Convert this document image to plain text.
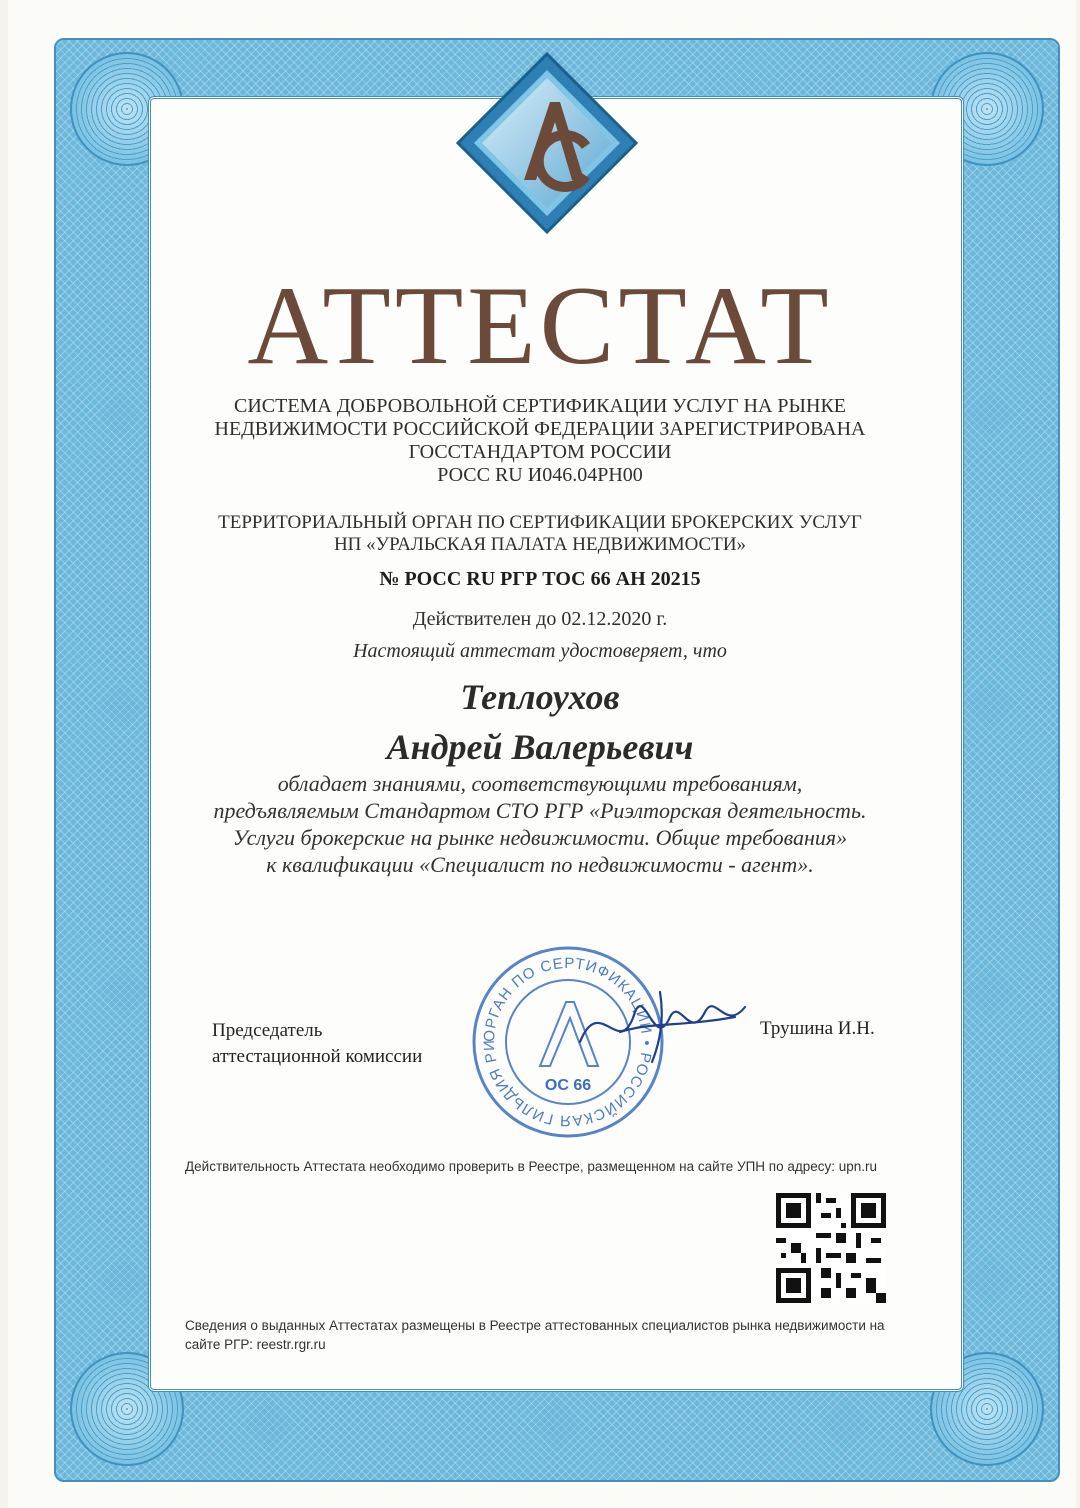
АТТЕСТАТ
СИСТЕМА ДОБРОВОЛЬНОЙ СЕРТИФИКАЦИИ УСЛУГ НА РЫНКЕ
НЕДВИЖИМОСТИ РОССИЙСКОЙ ФЕДЕРАЦИИ ЗАРЕГИСТРИРОВАНА
ГОССТАНДАРТОМ РОССИИ
РОСС RU И046.04РН00
ТЕРРИТОРИАЛЬНЫЙ ОРГАН ПО СЕРТИФИКАЦИИ БРОКЕРСКИХ УСЛУГ
НП «УРАЛЬСКАЯ ПАЛАТА НЕДВИЖИМОСТИ»
№ РОСС RU РГР ТОС 66 АН 20215
Действителен до 02.12.2020 г.
Настоящий аттестат удостоверяет, что
Теплоухов
Андрей Валерьевич
обладает знаниями, соответствующими требованиям,
предъявляемым Стандартом СТО РГР «Риэлторская деятельность.
Услуги брокерские на рынке недвижимости. Общие требования»
к квалификации «Специалист по недвижимости - агент».
ОРГАН ПО СЕРТИФИКАЦИИ • РОССИЙСКАЯ ГИЛЬДИЯ РИ
ОС 66
Председатель
аттестационной комиссии
Трушина И.Н.
Действительность Аттестата необходимо проверить в Реестре, размещенном на сайте УПН по адресу: upn.ru
Сведения о выданных Аттестатах размещены в Реестре аттестованных специалистов рынка недвижимости на сайте РГР: reestr.rgr.ru
